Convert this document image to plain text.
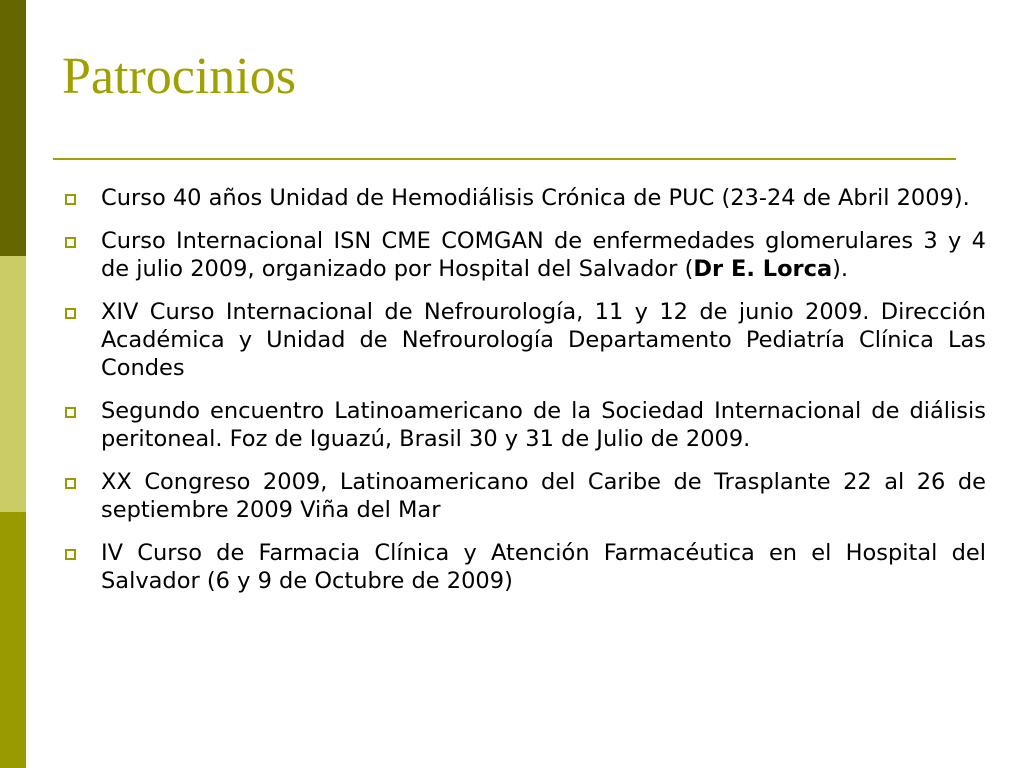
Patrocinios
Curso 40 años Unidad de Hemodiálisis Crónica de PUC (23-24 de Abril 2009).
Curso Internacional ISN CME COMGAN de enfermedades glomerulares 3 y 4 de julio 2009, organizado por Hospital del Salvador (Dr E. Lorca).
XIV Curso Internacional de Nefrourología, 11 y 12 de junio 2009. Dirección Académica y Unidad de Nefrourología Departamento Pediatría Clínica Las Condes
Segundo encuentro Latinoamericano de la Sociedad Internacional de diálisis peritoneal. Foz de Iguazú, Brasil 30 y 31 de Julio de 2009.
XX Congreso 2009, Latinoamericano del Caribe de Trasplante 22 al 26 de septiembre 2009 Viña del Mar
IV Curso de Farmacia Clínica y Atención Farmacéutica en el Hospital del Salvador (6 y 9 de Octubre de 2009)
